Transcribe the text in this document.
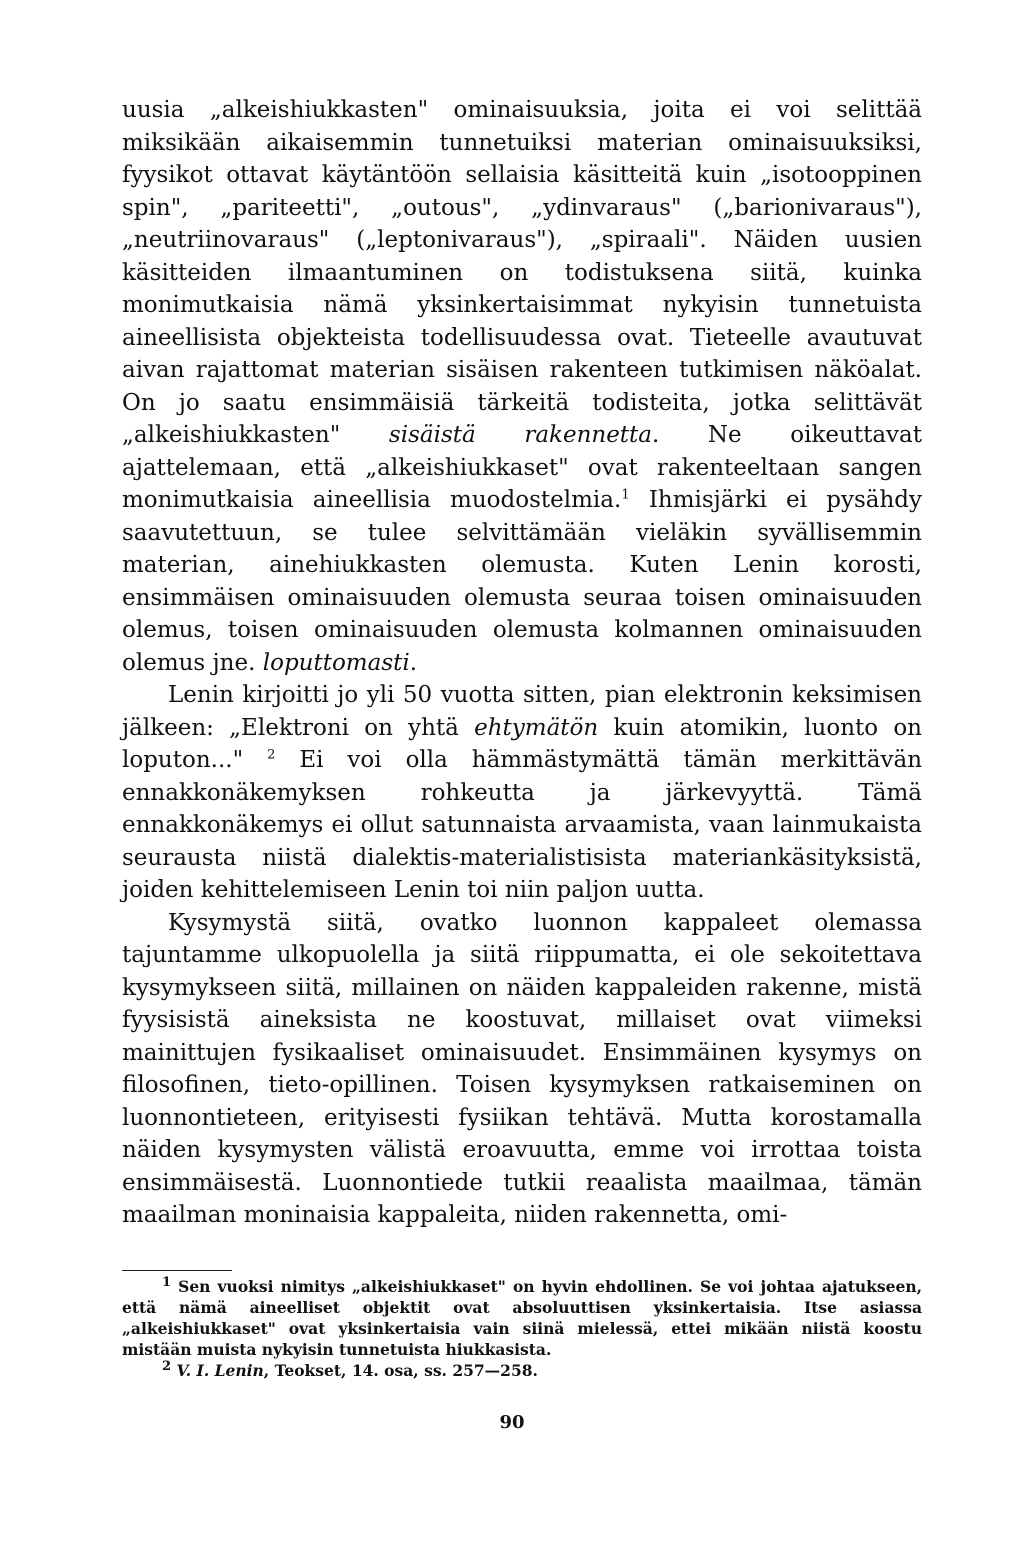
uusia „alkeishiukkasten" ominaisuuksia, joita ei voi selittää miksikään aikaisemmin tunnetuiksi materian ominaisuuksiksi, fyysikot ottavat käytäntöön sellaisia käsitteitä kuin „isotooppinen spin", „pariteetti", „outous", „ydinvaraus" („barionivaraus"), „neutriinovaraus" („leptonivaraus"), „spiraali". Näiden uusien käsitteiden ilmaantuminen on todistuksena siitä, kuinka monimutkaisia nämä yksinkertaisimmat nykyisin tunnetuista aineellisista objekteista todellisuudessa ovat. Tieteelle avautuvat aivan rajattomat materian sisäisen rakenteen tutkimisen näköalat. On jo saatu ensimmäisiä tärkeitä todisteita, jotka selittävät „alkeishiukkasten" sisäistä rakennetta. Ne oikeuttavat ajattelemaan, että „alkeishiukkaset" ovat rakenteeltaan sangen monimutkaisia aineellisia muodostelmia.$^1$ Ihmisjärki ei pysähdy saavutettuun, se tulee selvittämään vieläkin syvällisemmin materian, ainehiukkasten olemusta. Kuten Lenin korosti, ensimmäisen ominaisuuden olemusta seuraa toisen ominaisuuden olemus, toisen ominaisuuden olemusta kolmannen ominaisuuden olemus jne. loputtomasti.

Lenin kirjoitti jo yli 50 vuotta sitten, pian elektronin keksimisen jälkeen: „Elektroni on yhtä ehtymätön kuin atomikin, luonto on loputon..." $^2$ Ei voi olla hämmästymättä tämän merkittävän ennakkonäkemyksen rohkeutta ja järkevyyttä. Tämä ennakkonäkemys ei ollut satunnaista arvaamista, vaan lainmukaista seurausta niistä dialektis-materialistisista materiankäsityksistä, joiden kehittelemiseen Lenin toi niin paljon uutta.

Kysymystä siitä, ovatko luonnon kappaleet olemassa tajuntamme ulkopuolella ja siitä riippumatta, ei ole sekoitettava kysymykseen siitä, millainen on näiden kappaleiden rakenne, mistä fyysisistä aineksista ne koostuvat, millaiset ovat viimeksi mainittujen fysikaaliset ominaisuudet. Ensimmäinen kysymys on filosofinen, tieto-opillinen. Toisen kysymyksen ratkaiseminen on luonnontieteen, erityisesti fysiikan tehtävä. Mutta korostamalla näiden kysymysten välistä eroavuutta, emme voi irrottaa toista ensimmäisestä. Luonnontiede tutkii reaalista maailmaa, tämän maailman moninaisia kappaleita, niiden rakennetta, omi-

$^1$ Sen vuoksi nimitys „alkeishiukkaset" on hyvin ehdollinen. Se voi johtaa ajatukseen, että nämä aineelliset objektit ovat absoluuttisen yksinkertaisia. Itse asiassa „alkeishiukkaset" ovat yksinkertaisia vain siinä mielessä, ettei mikään niistä koostu mistään muista nykyisin tunnetuista hiukkasista.

$^2$ V. I. Lenin, Teokset, 14. osa, ss. 257—258.

90
